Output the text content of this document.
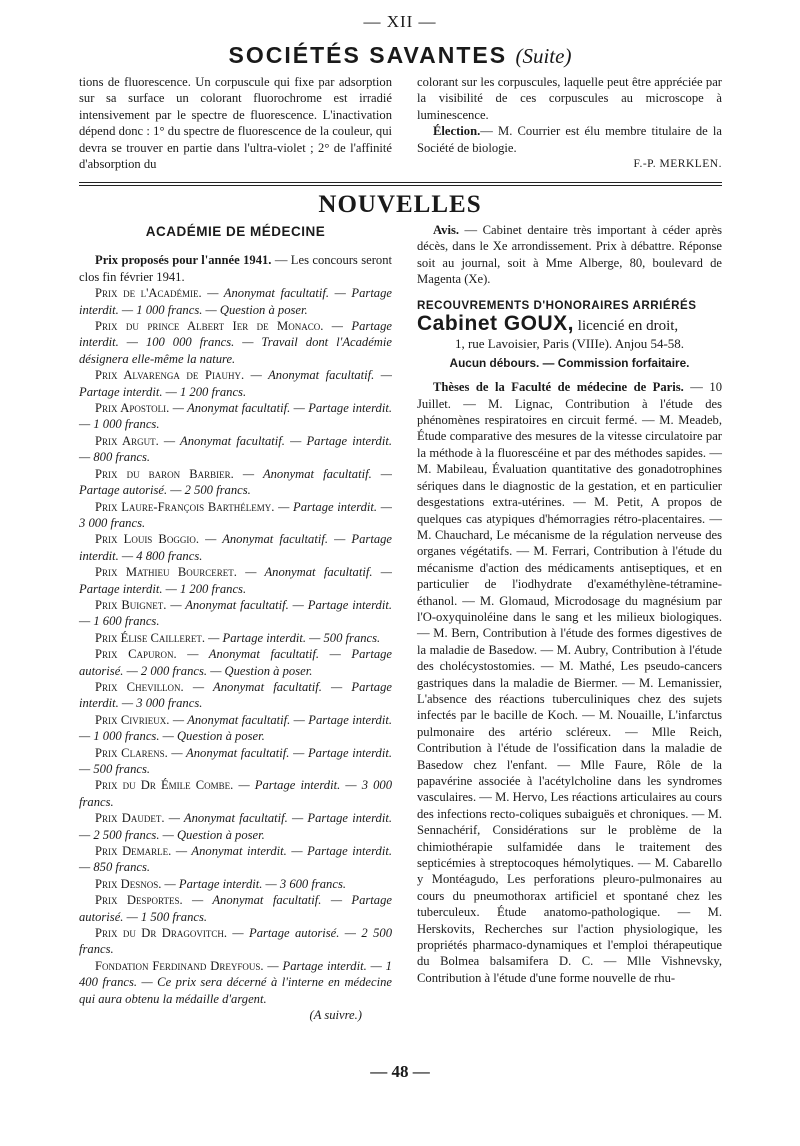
— XII —
SOCIÉTÉS SAVANTES (Suite)

tions de fluorescence. Un corpuscule qui fixe par adsorption sur sa surface un colorant fluorochrome est irradié intensivement par le spectre de fluorescence. L'inactivation dépend donc : 1° du spectre de fluorescence de la couleur, qui devra se trouver en partie dans l'ultra-violet ; 2° de l'affinité d'absorption du

colorant sur les corpuscules, laquelle peut être appréciée par la visibilité de ces corpuscules au microscope à luminescence.

Élection.— M. Courrier est élu membre titulaire de la Société de biologie.

F.-P. MERKLEN.

NOUVELLES
ACADÉMIE DE MÉDECINE

Prix proposés pour l'année 1941. — Les concours seront clos fin février 1941.

Prix de l'Académie. — Anonymat facultatif. — Partage interdit. — 1 000 francs. — Question à poser.

Prix du prince Albert Ier de Monaco. — Partage interdit. — 100 000 francs. — Travail dont l'Académie désignera elle-même la nature.

Prix Alvarenga de Piauhy. — Anonymat facultatif. — Partage interdit. — 1 200 francs.

Prix Apostoli. — Anonymat facultatif. — Partage interdit. — 1 000 francs.

Prix Argut. — Anonymat facultatif. — Partage interdit. — 800 francs.

Prix du baron Barbier. — Anonymat facultatif. — Partage autorisé. — 2 500 francs.

Prix Laure-François Barthélemy. — Partage interdit. — 3 000 francs.

Prix Louis Boggio. — Anonymat facultatif. — Partage interdit. — 4 800 francs.

Prix Mathieu Bourceret. — Anonymat facultatif. — Partage interdit. — 1 200 francs.

Prix Buignet. — Anonymat facultatif. — Partage interdit. — 1 600 francs.

Prix Élise Cailleret. — Partage interdit. — 500 francs.

Prix Capuron. — Anonymat facultatif. — Partage autorisé. — 2 000 francs. — Question à poser.

Prix Chevillon. — Anonymat facultatif. — Partage interdit. — 3 000 francs.

Prix Civrieux. — Anonymat facultatif. — Partage interdit. — 1 000 francs. — Question à poser.

Prix Clarens. — Anonymat facultatif. — Partage interdit. — 500 francs.

Prix du Dr Émile Combe. — Partage interdit. — 3 000 francs.

Prix Daudet. — Anonymat facultatif. — Partage interdit. — 2 500 francs. — Question à poser.

Prix Demarle. — Anonymat interdit. — Partage interdit. — 850 francs.

Prix Desnos. — Partage interdit. — 3 600 francs.

Prix Desportes. — Anonymat facultatif. — Partage autorisé. — 1 500 francs.

Prix du Dr Dragovitch. — Partage autorisé. — 2 500 francs.

Fondation Ferdinand Dreyfous. — Partage interdit. — 1 400 francs. — Ce prix sera décerné à l'interne en médecine qui aura obtenu la médaille d'argent.

(A suivre.)

Avis. — Cabinet dentaire très important à céder après décès, dans le Xe arrondissement. Prix à débattre. Réponse soit au journal, soit à Mme Alberge, 80, boulevard de Magenta (Xe).

RECOUVREMENTS D'HONORAIRES ARRIÉRÉS
Cabinet GOUX, licencié en droit,
1, rue Lavoisier, Paris (VIIIe). Anjou 54-58.
Aucun débours. — Commission forfaitaire.

Thèses de la Faculté de médecine de Paris. — 10 Juillet. — M. Lignac, Contribution à l'étude des phénomènes respiratoires en circuit fermé. — M. Meadeb, Étude comparative des mesures de la vitesse circulatoire par la méthode à la fluorescéine et par des méthodes sapides. — M. Mabileau, Évaluation quantitative des gonadotrophines sériques dans le diagnostic de la gestation, et en particulier desgestations extra-utérines. — M. Petit, A propos de quelques cas atypiques d'hémorragies rétro-placentaires. — M. Chauchard, Le mécanisme de la régulation nerveuse des organes végétatifs. — M. Ferrari, Contribution à l'étude du mécanisme d'action des médicaments antiseptiques, et en particulier de l'iodhydrate d'examéthylène-tétramine-éthanol. — M. Glomaud, Microdosage du magnésium par l'O-oxyquinoléine dans le sang et les milieux biologiques. — M. Bern, Contribution à l'étude des formes digestives de la maladie de Basedow. — M. Aubry, Contribution à l'étude des cholécystostomies. — M. Mathé, Les pseudo-cancers gastriques dans la maladie de Biermer. — M. Lemanissier, L'absence des réactions tuberculiniques chez des sujets infectés par le bacille de Koch. — M. Nouaille, L'infarctus pulmonaire des artério scléreux. — Mlle Reich, Contribution à l'étude de l'ossification dans la maladie de Basedow chez l'enfant. — Mlle Faure, Rôle de la papavérine associée à l'acétylcholine dans les syndromes vasculaires. — M. Hervo, Les réactions articulaires au cours des infections recto-coliques subaiguës et chroniques. — M. Sennachérif, Considérations sur le problème de la chimiothérapie sulfamidée dans le traitement des septicémies à streptocoques hémolytiques. — M. Cabarello y Montéagudo, Les perforations pleuro-pulmonaires au cours du pneumothorax artificiel et spontané chez les tuberculeux. Étude anatomo-pathologique. — M. Herskovits, Recherches sur l'action physiologique, les propriétés pharmaco-dynamiques et l'emploi thérapeutique du Bolmea balsamifera D. C. — Mlle Vishnevsky, Contribution à l'étude d'une forme nouvelle de rhu-

— 48 —
